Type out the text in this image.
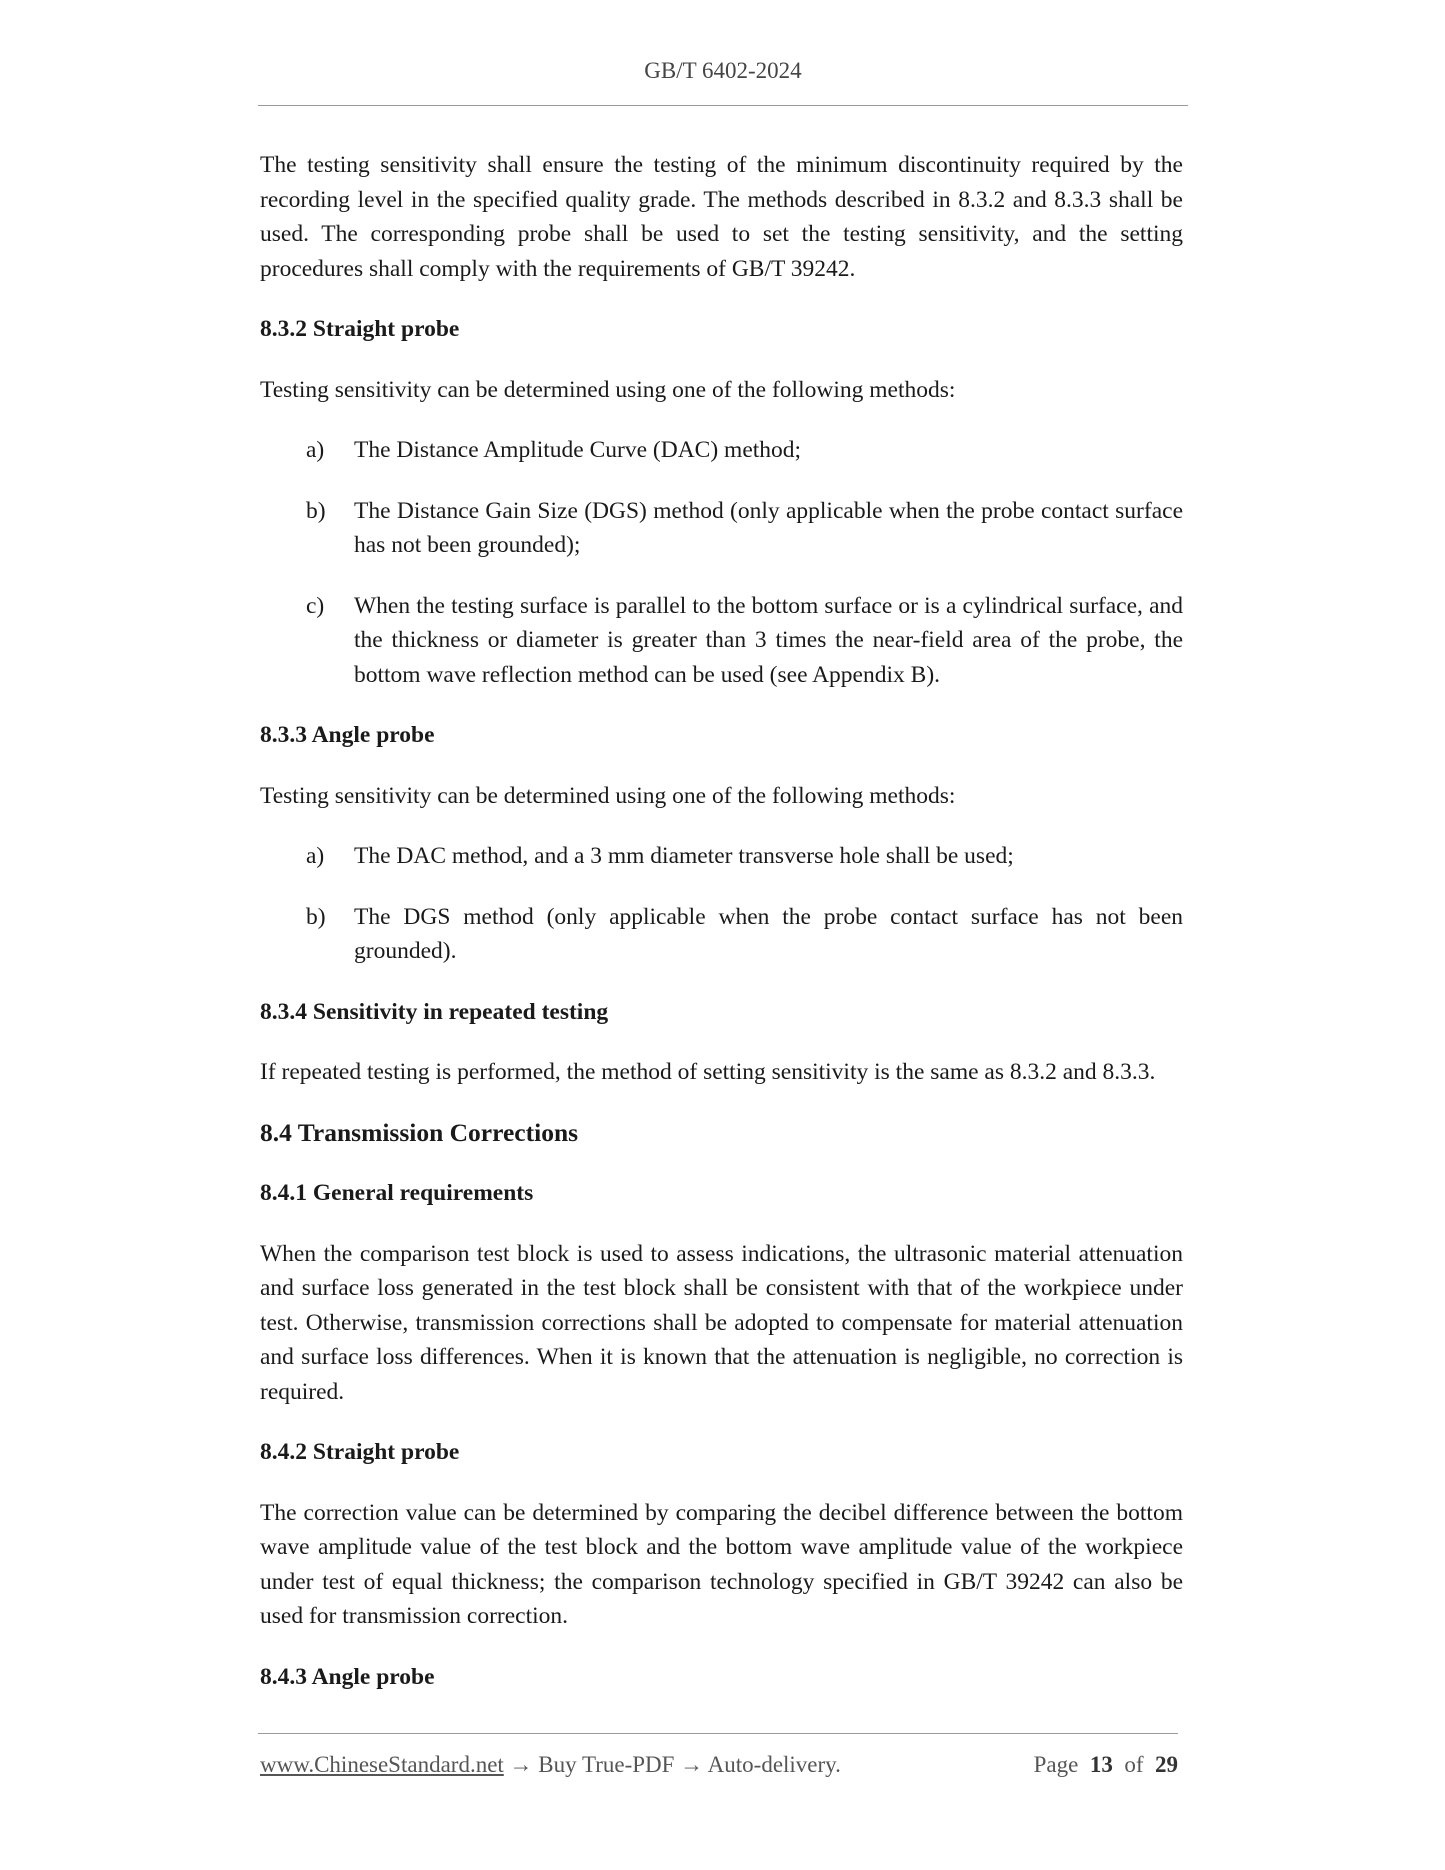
GB/T 6402-2024

The testing sensitivity shall ensure the testing of the minimum discontinuity required by the recording level in the specified quality grade. The methods described in 8.3.2 and 8.3.3 shall be used. The corresponding probe shall be used to set the testing sensitivity, and the setting procedures shall comply with the requirements of GB/T 39242.

8.3.2 Straight probe

Testing sensitivity can be determined using one of the following methods:

a)	The Distance Amplitude Curve (DAC) method;
b)	The Distance Gain Size (DGS) method (only applicable when the probe contact surface has not been grounded);
c)	When the testing surface is parallel to the bottom surface or is a cylindrical surface, and the thickness or diameter is greater than 3 times the near-field area of the probe, the bottom wave reflection method can be used (see Appendix B).
8.3.3 Angle probe

Testing sensitivity can be determined using one of the following methods:

a)	The DAC method, and a 3 mm diameter transverse hole shall be used;
b)	The DGS method (only applicable when the probe contact surface has not been grounded).
8.3.4 Sensitivity in repeated testing

If repeated testing is performed, the method of setting sensitivity is the same as 8.3.2 and 8.3.3.

8.4 Transmission Corrections
8.4.1 General requirements

When the comparison test block is used to assess indications, the ultrasonic material attenuation and surface loss generated in the test block shall be consistent with that of the workpiece under test. Otherwise, transmission corrections shall be adopted to compensate for material attenuation and surface loss differences. When it is known that the attenuation is negligible, no correction is required.

8.4.2 Straight probe

The correction value can be determined by comparing the decibel difference between the bottom wave amplitude value of the test block and the bottom wave amplitude value of the workpiece under test of equal thickness; the comparison technology specified in GB/T 39242 can also be used for transmission correction.

8.4.3 Angle probe
www.ChineseStandard.net → Buy True-PDF → Auto-delivery.	Page 13 of 29
